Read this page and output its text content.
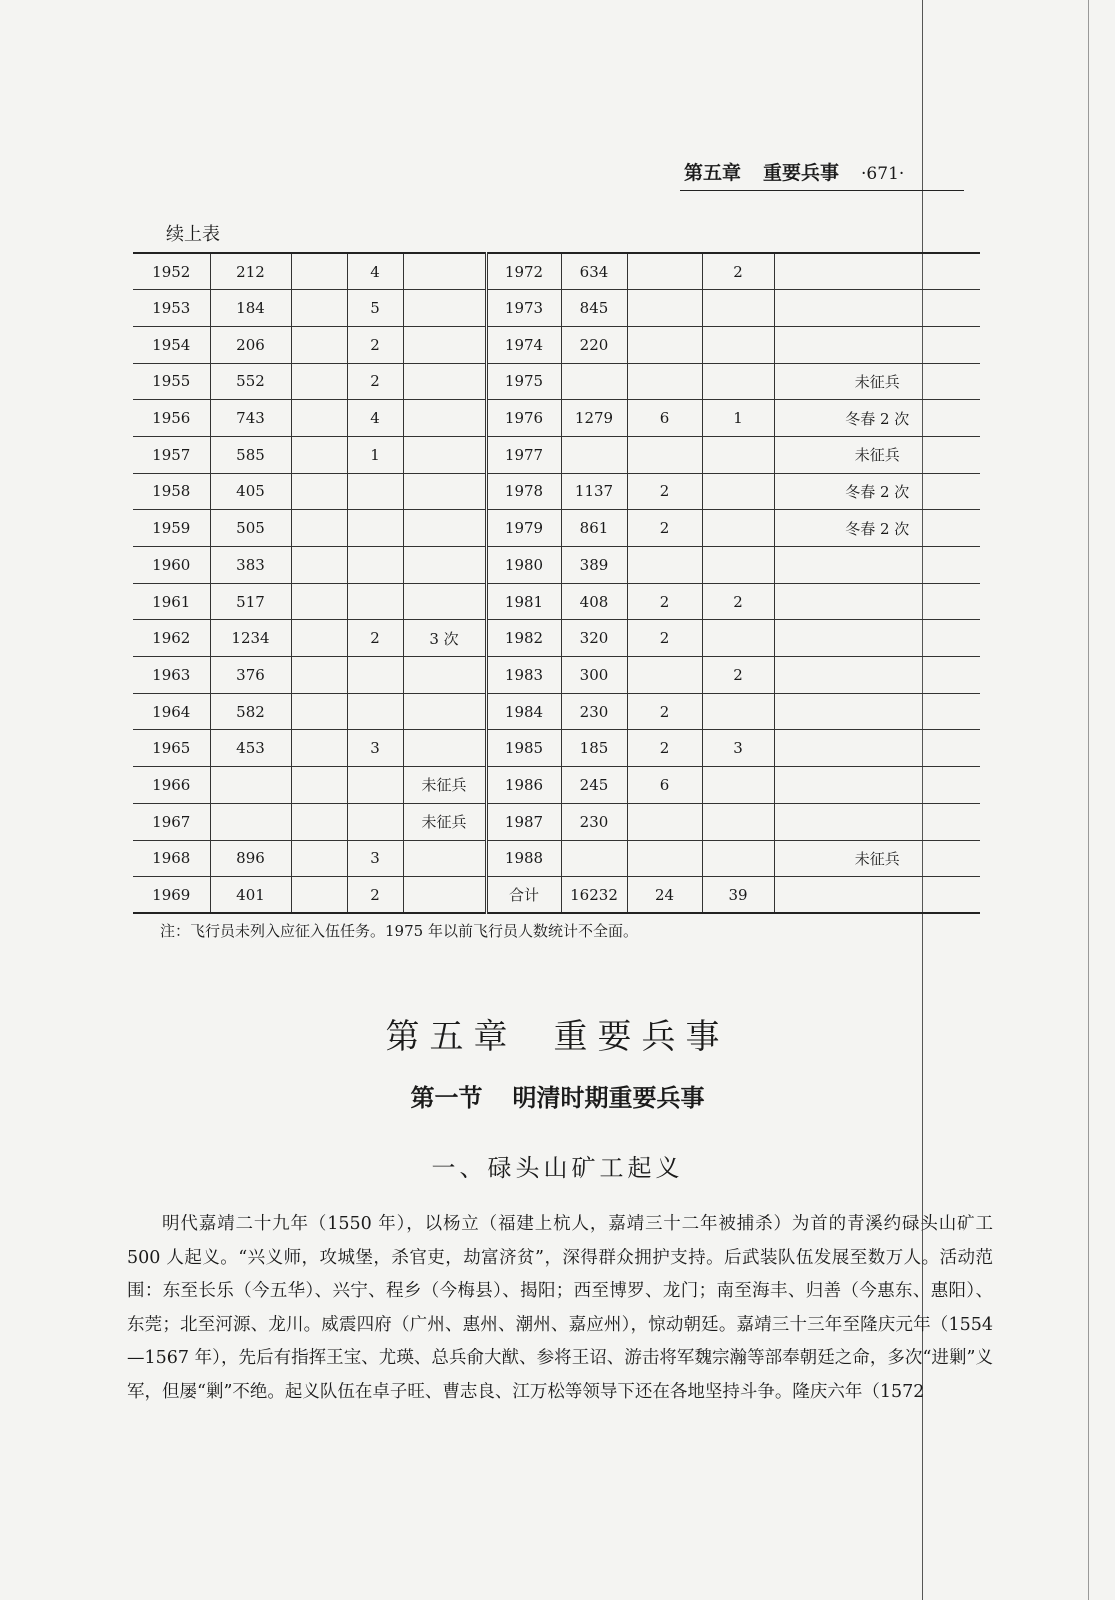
第五章 重要兵事 ·671·
续上表
1952	212		4		1972	634		2	
1953	184		5		1973	845			
1954	206		2		1974	220			
1955	552		2		1975				未征兵
1956	743		4		1976	1279	6	1	冬春 2 次
1957	585		1		1977				未征兵
1958	405				1978	1137	2		冬春 2 次
1959	505				1979	861	2		冬春 2 次
1960	383				1980	389			
1961	517				1981	408	2	2	
1962	1234		2	3 次	1982	320	2		
1963	376				1983	300		2	
1964	582				1984	230	2		
1965	453		3		1985	185	2	3	
1966				未征兵	1986	245	6		
1967				未征兵	1987	230			
1968	896		3		1988				未征兵
1969	401		2		合计	16232	24	39	
注：飞行员未列入应征入伍任务。1975 年以前飞行员人数统计不全面。
第五章 重要兵事
第一节 明清时期重要兵事
一、碌头山矿工起义
明代嘉靖二十九年（1550 年），以杨立（福建上杭人，嘉靖三十二年被捕杀）为首的青溪约碌头山矿工 500 人起义。“兴义师，攻城堡，杀官吏，劫富济贫”，深得群众拥护支持。后武装队伍发展至数万人。活动范围：东至长乐（今五华）、兴宁、程乡（今梅县）、揭阳；西至博罗、龙门；南至海丰、归善（今惠东、惠阳）、东莞；北至河源、龙川。威震四府（广州、惠州、潮州、嘉应州），惊动朝廷。嘉靖三十三年至隆庆元年（1554—1567 年），先后有指挥王宝、尤瑛、总兵俞大猷、参将王诏、游击将军魏宗瀚等部奉朝廷之命，多次“进剿”义军，但屡“剿”不绝。起义队伍在卓子旺、曹志良、江万松等领导下还在各地坚持斗争。隆庆六年（1572
